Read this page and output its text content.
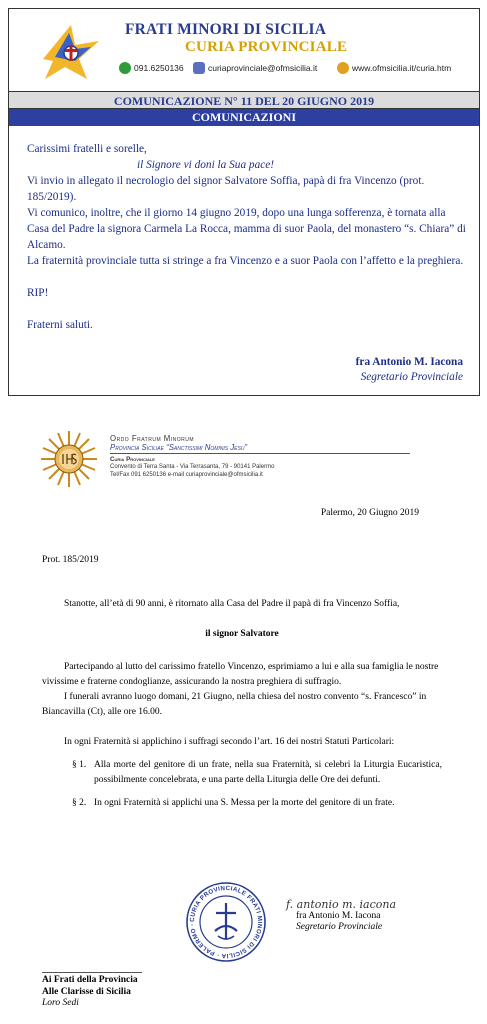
FRATI MINORI DI SICILIA
CURIA PROVINCIALE
091.6250136	curiaprovinciale@ofmsicilia.it	www.ofmsicilia.it/curia.htm
COMUNICAZIONE N° 11 DEL 20 GIUGNO 2019
COMUNICAZIONI

Carissimi fratelli e sorelle,

il Signore vi doni la Sua pace!

Vi invio in allegato il necrologio del signor Salvatore Soffia, papà di fra Vincenzo (prot. 185/2019).

Vi comunico, inoltre, che il giorno 14 giugno 2019, dopo una lunga sofferenza, è tornata alla Casa del Padre la signora Carmela La Rocca, mamma di suor Paola, del monastero “s. Chiara” di Alcamo.

La fraternità provinciale tutta si stringe a fra Vincenzo e a suor Paola con l’affetto e la preghiera.

RIP!

Fraterni saluti.

fra Antonio M. Iacona
Segretario Provinciale
Ordo Fratrum Minorum
Provincia Siciliae “Sanctissimi Nominis Jesu”
Curia Provinciale
Convento di Terra Santa - Via Terrasanta, 79 - 90141 Palermo
Tel/Fax 091 6250136 e-mail curiaprovinciale@ofmsicilia.it
Palermo, 20 Giugno 2019
Prot. 185/2019

Stanotte, all’età di 90 anni, è ritornato alla Casa del Padre il papà di fra Vincenzo Soffia,

il signor Salvatore

Partecipando al lutto del carissimo fratello Vincenzo, esprimiamo a lui e alla sua famiglia le nostre vivissime e fraterne condoglianze, assicurando la nostra preghiera di suffragio.

I funerali avranno luogo domani, 21 Giugno, nella chiesa del nostro convento “s. Francesco” in Biancavilla (Ct), alle ore 16.00.

In ogni Fraternità si applichino i suffragi secondo l’art. 16 dei nostri Statuti Particolari:

§ 1. Alla morte del genitore di un frate, nella sua Fraternità, si celebri la Liturgia Eucaristica, possibilmente concelebrata, e una parte della Liturgia delle Ore dei defunti.
§ 2. In ogni Fraternità si applichi una S. Messa per la morte del genitore di un frate.
CURIA PROVINCIALE FRATI MINORI DI SICILIA · PALERMO ·
f. antonio m. iacona
fra Antonio M. Iacona
Segretario Provinciale
Ai Frati della Provincia
Alle Clarisse di Sicilia
Loro Sedi
